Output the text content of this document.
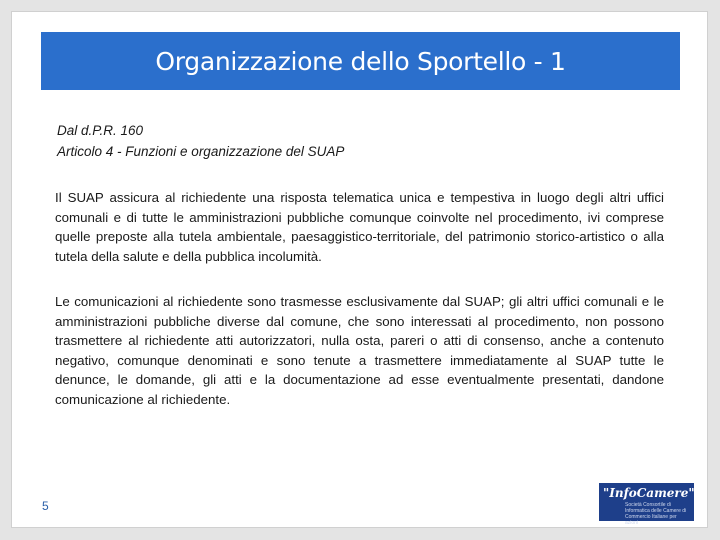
Organizzazione dello Sportello - 1
Dal d.P.R. 160
Articolo 4 - Funzioni e organizzazione del SUAP

Il SUAP assicura al richiedente una risposta telematica unica e tempestiva in luogo degli altri uffici comunali e di tutte le amministrazioni pubbliche comunque coinvolte nel procedimento, ivi comprese quelle preposte alla tutela ambientale, paesaggistico-territoriale, del patrimonio storico-artistico o alla tutela della salute e della pubblica incolumità.

Le comunicazioni al richiedente sono trasmesse esclusivamente dal SUAP; gli altri uffici comunali e le amministrazioni pubbliche diverse dal comune, che sono interessati al procedimento, non possono trasmettere al richiedente atti autorizzatori, nulla osta, pareri o atti di consenso, anche a contenuto negativo, comunque denominati e sono tenute a trasmettere immediatamente al SUAP tutte le denunce, le domande, gli atti e la documentazione ad esse eventualmente presentati, dandone comunicazione al richiedente.

5
"InfoCamere"
Società Consortile di Informatica delle Camere di Commercio Italiane per azioni
